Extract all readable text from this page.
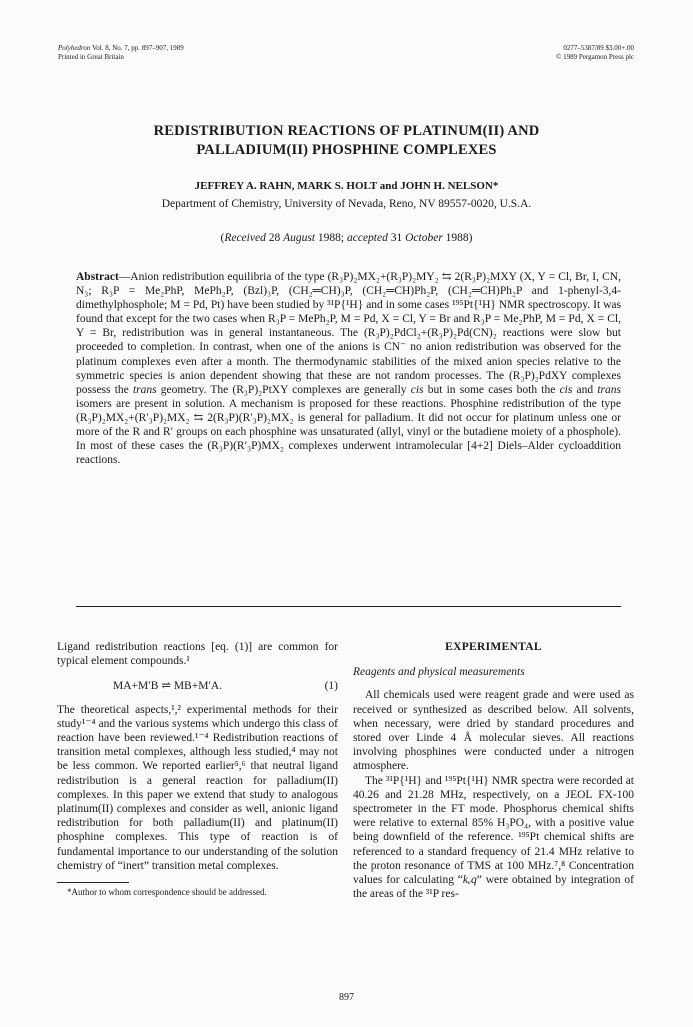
Polyhedron Vol. 8, No. 7, pp. 897–907, 1989
Printed in Great Britain
0277–5387/89 $3.00+.00
© 1989 Pergamon Press plc
REDISTRIBUTION REACTIONS OF PLATINUM(II) AND
PALLADIUM(II) PHOSPHINE COMPLEXES
JEFFREY A. RAHN, MARK S. HOLT and JOHN H. NELSON*
Department of Chemistry, University of Nevada, Reno, NV 89557-0020, U.S.A.
(Received 28 August 1988; accepted 31 October 1988)
Abstract—Anion redistribution equilibria of the type (R₃P)₂MX₂+(R₃P)₂MY₂ ⇆ 2(R₃P)₂MXY (X, Y = Cl, Br, I, CN, N₃; R₃P = Me₂PhP, MePh₂P, (Bzl)₃P, (CH₂═CH)₃P, (CH₂═CH)Ph₂P, (CH₂═CH)Ph₂P and 1-phenyl-3,4-dimethylphosphole; M = Pd, Pt) have been studied by ³¹P{¹H} and in some cases ¹⁹⁵Pt{¹H} NMR spectroscopy. It was found that except for the two cases when R₃P = MePh₂P, M = Pd, X = Cl, Y = Br and R₃P = Me₂PhP, M = Pd, X = Cl, Y = Br, redistribution was in general instantaneous. The (R₃P)₂PdCl₂+(R₃P)₂Pd(CN)₂ reactions were slow but proceeded to completion. In contrast, when one of the anions is CN⁻ no anion redistribution was observed for the platinum complexes even after a month. The thermodynamic stabilities of the mixed anion species relative to the symmetric species is anion dependent showing that these are not random processes. The (R₃P)₂PdXY complexes possess the trans geometry. The (R₃P)₂PtXY complexes are generally cis but in some cases both the cis and trans isomers are present in solution. A mechanism is proposed for these reactions. Phosphine redistribution of the type (R₃P)₂MX₂+(R′₃P)₂MX₂ ⇆ 2(R₃P)(R′₃P)₂MX₂ is general for palladium. It did not occur for platinum unless one or more of the R and R′ groups on each phosphine was unsaturated (allyl, vinyl or the butadiene moiety of a phosphole). In most of these cases the (R₃P)(R′₃P)MX₂ complexes underwent intramolecular [4+2] Diels–Alder cycloaddition reactions.

Ligand redistribution reactions [eq. (1)] are common for typical element compounds.¹

MA+M′B ⇌ MB+M′A.	(1)

The theoretical aspects,¹,² experimental methods for their study¹⁻⁴ and the various systems which undergo this class of reaction have been reviewed.¹⁻⁴ Redistribution reactions of transition metal complexes, although less studied,⁴ may not be less common. We reported earlier⁵,⁶ that neutral ligand redistribution is a general reaction for palladium(II) complexes. In this paper we extend that study to analogous platinum(II) complexes and consider as well, anionic ligand redistribution for both palladium(II) and platinum(II) phosphine complexes. This type of reaction is of fundamental importance to our understanding of the solution chemistry of “inert” transition metal complexes.

*Author to whom correspondence should be addressed.

EXPERIMENTAL
Reagents and physical measurements

All chemicals used were reagent grade and were used as received or synthesized as described below. All solvents, when necessary, were dried by standard procedures and stored over Linde 4 Å molecular sieves. All reactions involving phosphines were conducted under a nitrogen atmosphere.

The ³¹P{¹H} and ¹⁹⁵Pt{¹H} NMR spectra were recorded at 40.26 and 21.28 MHz, respectively, on a JEOL FX-100 spectrometer in the FT mode. Phosphorus chemical shifts were relative to external 85% H₃PO₄, with a positive value being downfield of the reference. ¹⁹⁵Pt chemical shifts are referenced to a standard frequency of 21.4 MHz relative to the proton resonance of TMS at 100 MHz.⁷,⁸ Concentration values for calculating “kₑq” were obtained by integration of the areas of the ³¹P res-

897
